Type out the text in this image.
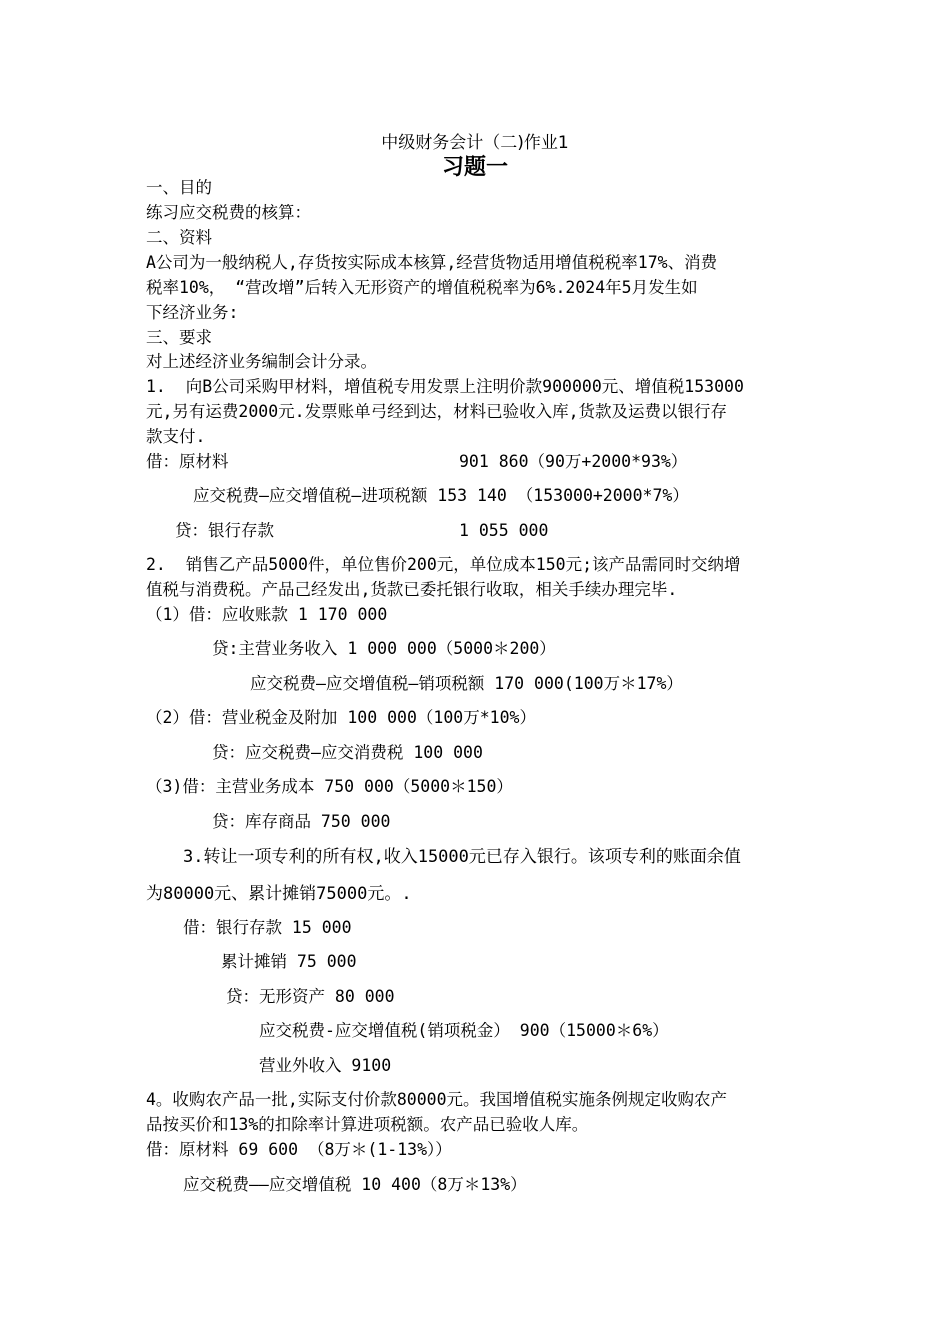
中级财务会计（二)作业1
习题一
一、目的
练习应交税费的核算：
二、资料
A公司为一般纳税人,存货按实际成本核算,经营货物适用增值税税率17%、消费
税率10%， “营改增”后转入无形资产的增值税税率为6%.2024年5月发生如
下经济业务:
三、要求
对上述经济业务编制会计分录。
1.  向B公司采购甲材料，增值税专用发票上注明价款900000元、增值税153000
元,另有运费2000元.发票账单弓经到达，材料已验收入库,货款及运费以银行存
款支付.
借：原材料	901 860（90万+2000*93%）
应交税费—应交增值税—进项税额 153 140 （153000+2000*7%）
贷：银行存款	1 055 000
2.  销售乙产品5000件，单位售价200元，单位成本150元;该产品需同时交纳增
值税与消费税。产品己经发出,货款已委托银行收取，相关手续办理完毕.
（1）借：应收账款 1 170 000
贷:主营业务收入 1 000 000（5000＊200）
应交税费—应交增值税—销项税额 170 000(100万＊17%）
（2）借：营业税金及附加 100 000（100万*10%）
贷：应交税费—应交消费税 100 000
（3)借：主营业务成本 750 000（5000＊150）
贷：库存商品 750 000
3.转让一项专利的所有权,收入15000元已存入银行。该项专利的账面余值
为80000元、累计摊销75000元。.
借：银行存款 15 000
累计摊销 75 000
贷：无形资产 80 000
应交税费-应交增值税(销项税金） 900（15000＊6%）
营业外收入 9100
4。收购农产品一批,实际支付价款80000元。我国增值税实施条例规定收购农产
品按买价和13%的扣除率计算进项税额。农产品已验收人库。
借：原材料 69 600 （8万＊(1-13%））
应交税费——应交增值税 10 400（8万＊13%）
